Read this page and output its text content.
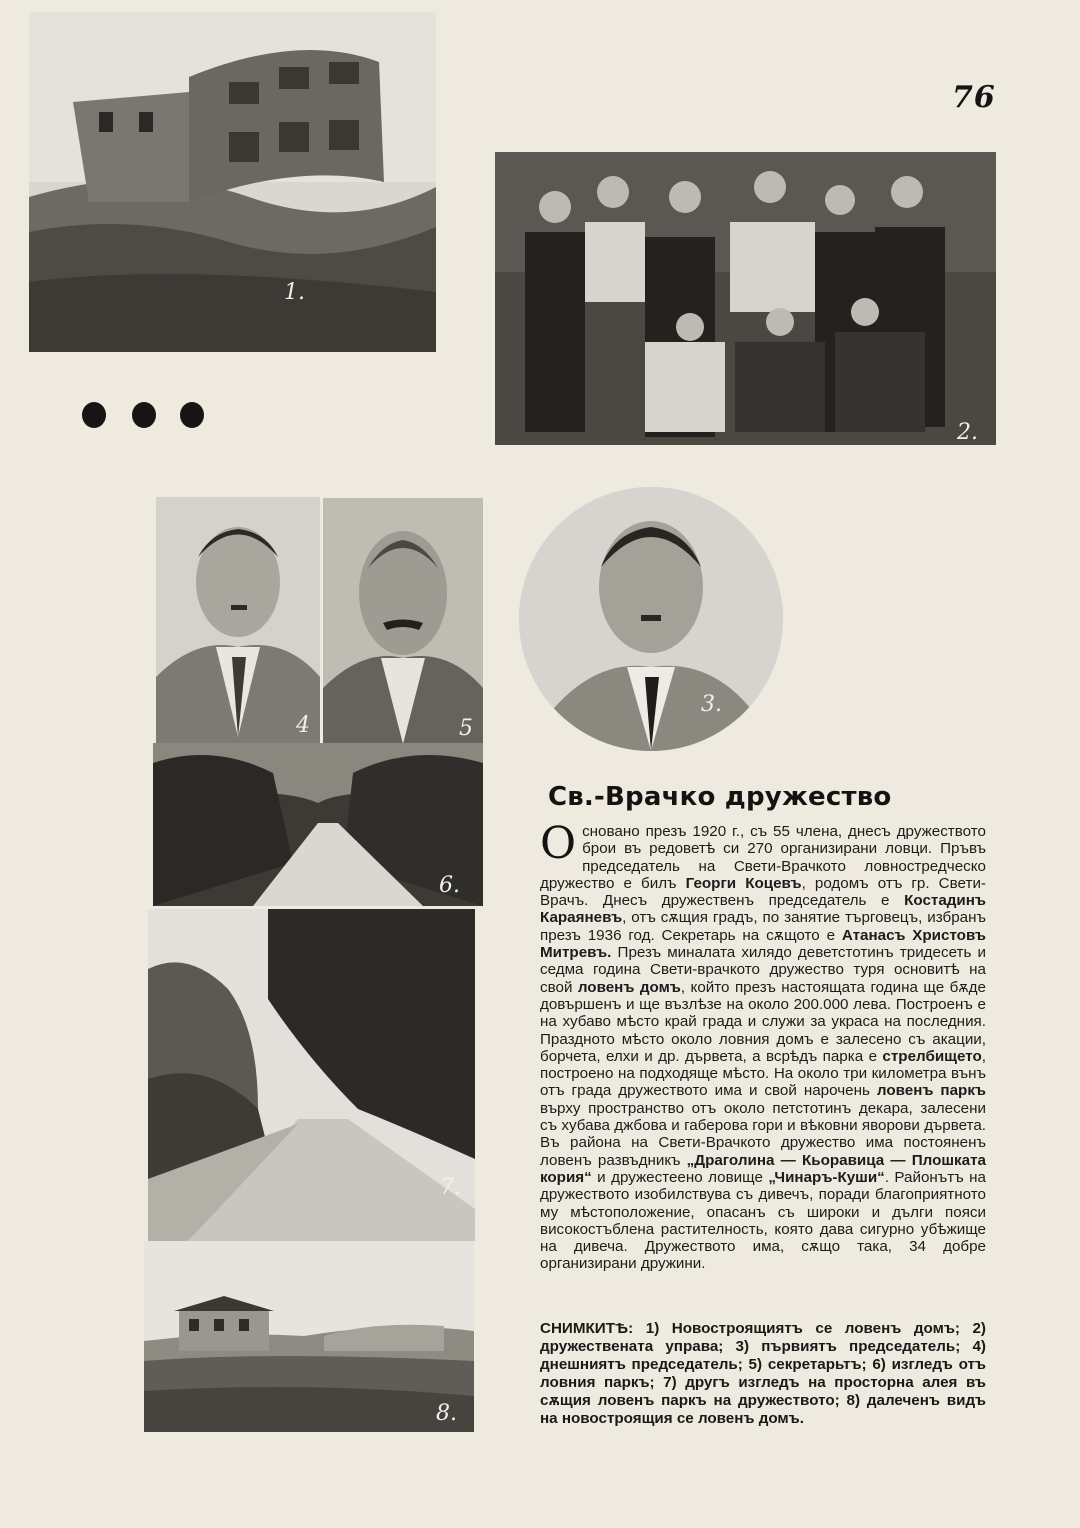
76
1.
2.
4	5
3.
6.
7.
8.
Св.-Врачко дружество
О сновано презъ 1920 г., съ 55 члена, днесъ дружеството брои въ редоветѣ си 270 организирани ловци. Пръвъ председатель на Свети-Врачкото ловностредческо дружество е билъ Георги Коцевъ, родомъ отъ гр. Свети-Врачъ. Днесъ дружественъ председатель е Костадинъ Караяневъ, отъ сѫщия градъ, по занятие търговецъ, избранъ презъ 1936 год. Секретарь на сѫщото е Атанасъ Христовъ Митревъ. Презъ миналата хилядо деветстотинъ тридесеть и седма година Свети-врачкото дружество туря основитѣ на свой ловенъ домъ, който презъ настоящата година ще бѫде довършенъ и ще възлѣзе на около 200.000 лева. Построенъ е на хубаво мѣсто край града и служи за украса на последния. Праздното мѣсто около ловния домъ е залесено съ акации, борчета, елхи и др. дървета, а всрѣдъ парка е стрелбището, построено на подходяще мѣсто. На около три километра вънъ отъ града дружеството има и свой нарочень ловенъ паркъ върху пространство отъ около петстотинъ декара, залесени съ хубава джбова и габерова гори и вѣковни яворови дървета. Въ района на Свети-Врачкото дружество има постояненъ ловенъ развъдникъ „Драголина — Кьоравица — Плошката кория“ и дружестеено ловище „Чинаръ-Куши“. Районътъ на дружеството изобилствува съ дивечъ, поради благоприятното му мѣстоположение, опасанъ съ широки и дълги пояси високостъблена растителность, която дава сигурно убѣжище на дивеча. Дружеството има, сѫщо така, 34 добре организирани дружини.
СНИМКИТѢ: 1) Новостроящиятъ се ловенъ домъ; 2) дружествената управа; 3) първиятъ председатель; 4) днешниятъ председатель; 5) секретарьтъ; 6) изгледъ отъ ловния паркъ; 7) другъ изгледъ на просторна алея въ сѫщия ловенъ паркъ на дружеството; 8) далеченъ видъ на новостроящия се ловенъ домъ.
